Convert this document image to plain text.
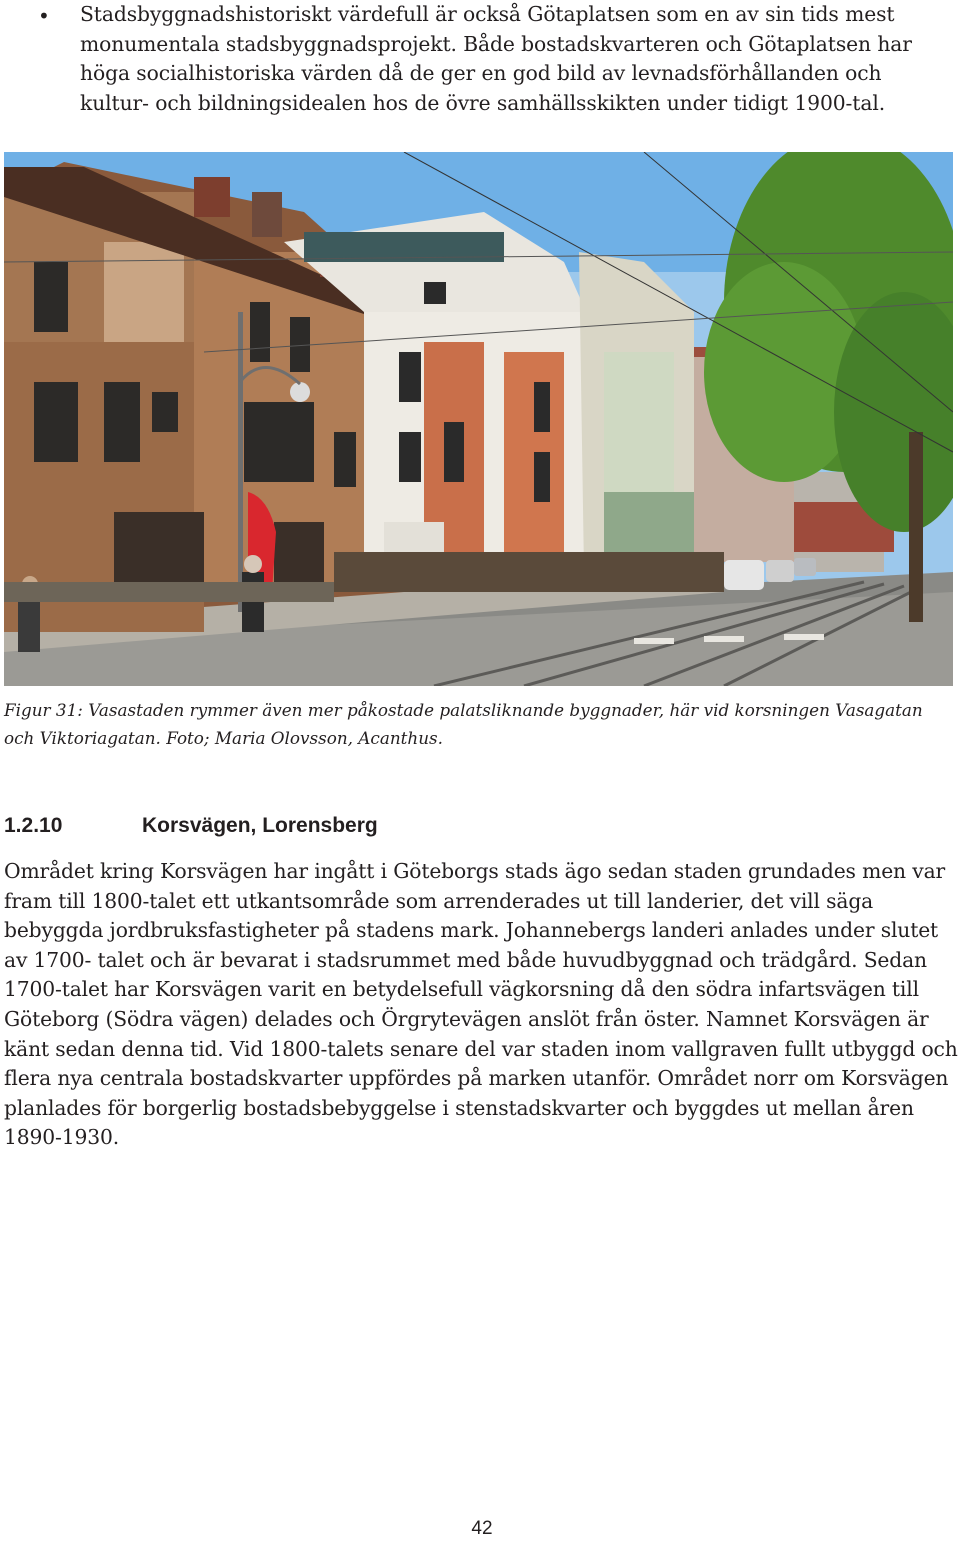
• Stadsbyggnadshistoriskt värdefull är också Götaplatsen som en av sin tids mest monumentala stadsbyggnadsprojekt. Både bostadskvarteren och Götaplatsen har höga socialhistoriska värden då de ger en god bild av levnadsförhållanden och kultur- och bildningsidealen hos de övre samhällsskikten under tidigt 1900-tal.
Figur 31: Vasastaden rymmer även mer påkostade palatsliknande byggnader, här vid korsningen Vasagatan och Viktoriagatan. Foto; Maria Olovsson, Acanthus.
1.2.10	Korsvägen, Lorensberg
Området kring Korsvägen har ingått i Göteborgs stads ägo sedan staden grundades men var fram till 1800-talet ett utkantsområde som arrenderades ut till landerier, det vill säga bebyggda jordbruksfastigheter på stadens mark. Johannebergs landeri anlades under slutet av 1700- talet och är bevarat i stadsrummet med både huvudbyggnad och trädgård. Sedan 1700-talet har Korsvägen varit en betydelsefull vägkorsning då den södra infartsvägen till Göteborg (Södra vägen) delades och Örgrytevägen anslöt från öster. Namnet Korsvägen är känt sedan denna tid. Vid 1800-talets senare del var staden inom vallgraven fullt utbyggd och flera nya centrala bostadskvarter uppfördes på marken utanför. Området norr om Korsvägen planlades för borgerlig bostadsbebyggelse i stenstadskvarter och byggdes ut mellan åren 1890-1930.
42
